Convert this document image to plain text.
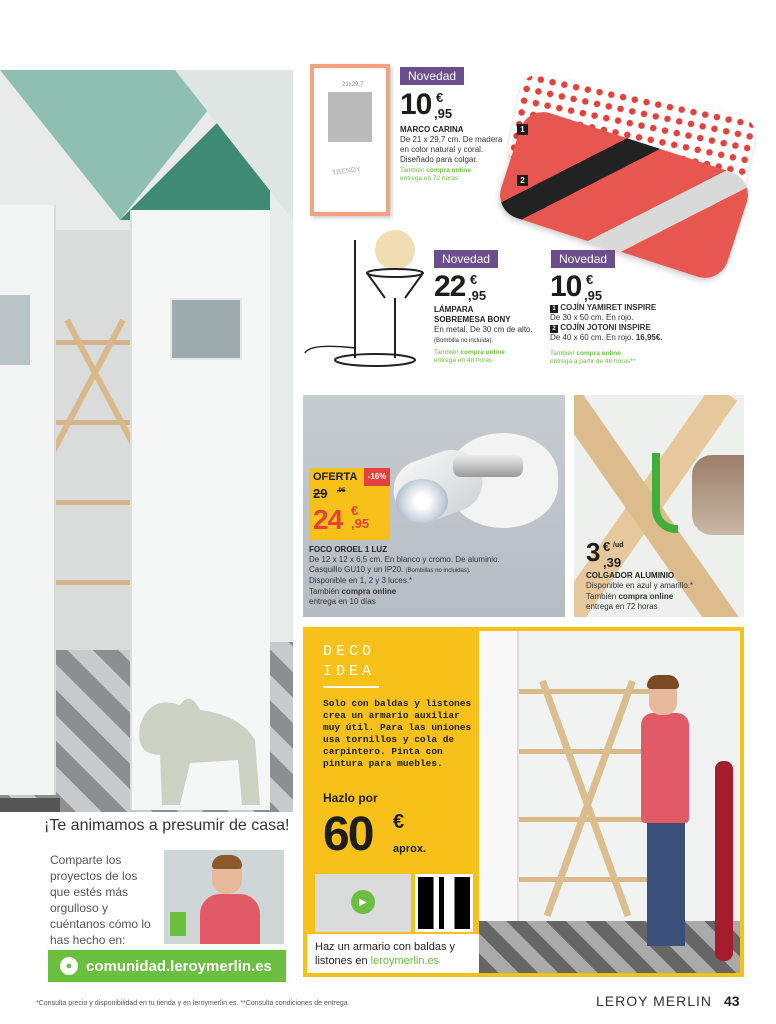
¡Te animamos a presumir de casa!
Comparte los proyectos de los que estés más orgulloso y cuéntanos cómo lo has hecho en:
● comunidad.leroymerlin.es
21x29,7
TRENDY
Novedad
10 €
,95
MARCO CARINA
De 21 x 29,7 cm. De madera en color natural y coral. Diseñado para colgar.
También compra online
entrega en 72 horas
1
2
Novedad
10 €
,95
1 COJÍN YAMIRET INSPIRE
De 30 x 50 cm. En rojo.
2 COJÍN JOTONI INSPIRE
De 40 x 60 cm. En rojo. 16,95€.
También compra online
entrega a partir de 48 horas**
Novedad
22 €
,95
LÁMPARA
SOBREMESA BONY
En metal. De 30 cm de alto. (Bombilla no incluida).
También compra online
entrega en 48 horas
OFERTA	-16%
29 ,95
24 €
,95
FOCO OROEL 1 LUZ
De 12 x 12 x 6,5 cm. En blanco y cromo. De aluminio.
Casquillo GU10 y un IP20. (Bombillas no incluidas).
Disponible en 1, 2 y 3 luces.*
También compra online
entrega en 10 días
3 € /ud
,39
COLGADOR ALUMINIO
Disponible en azul y amarillo.*
También compra online
entrega en 72 horas
DECO
IDEA
Solo con baldas y listones crea un armario auxiliar muy útil. Para las uniones usa tornillos y cola de carpintero. Pinta con pintura para muebles.
Hazlo por
60 €
aprox.
▶
Haz un armario con baldas y listones en leroymerlin.es
*Consulta precio y disponibilidad en tu tienda y en leroymerlin.es. **Consulta condiciones de entrega.	LEROY MERLIN 43
